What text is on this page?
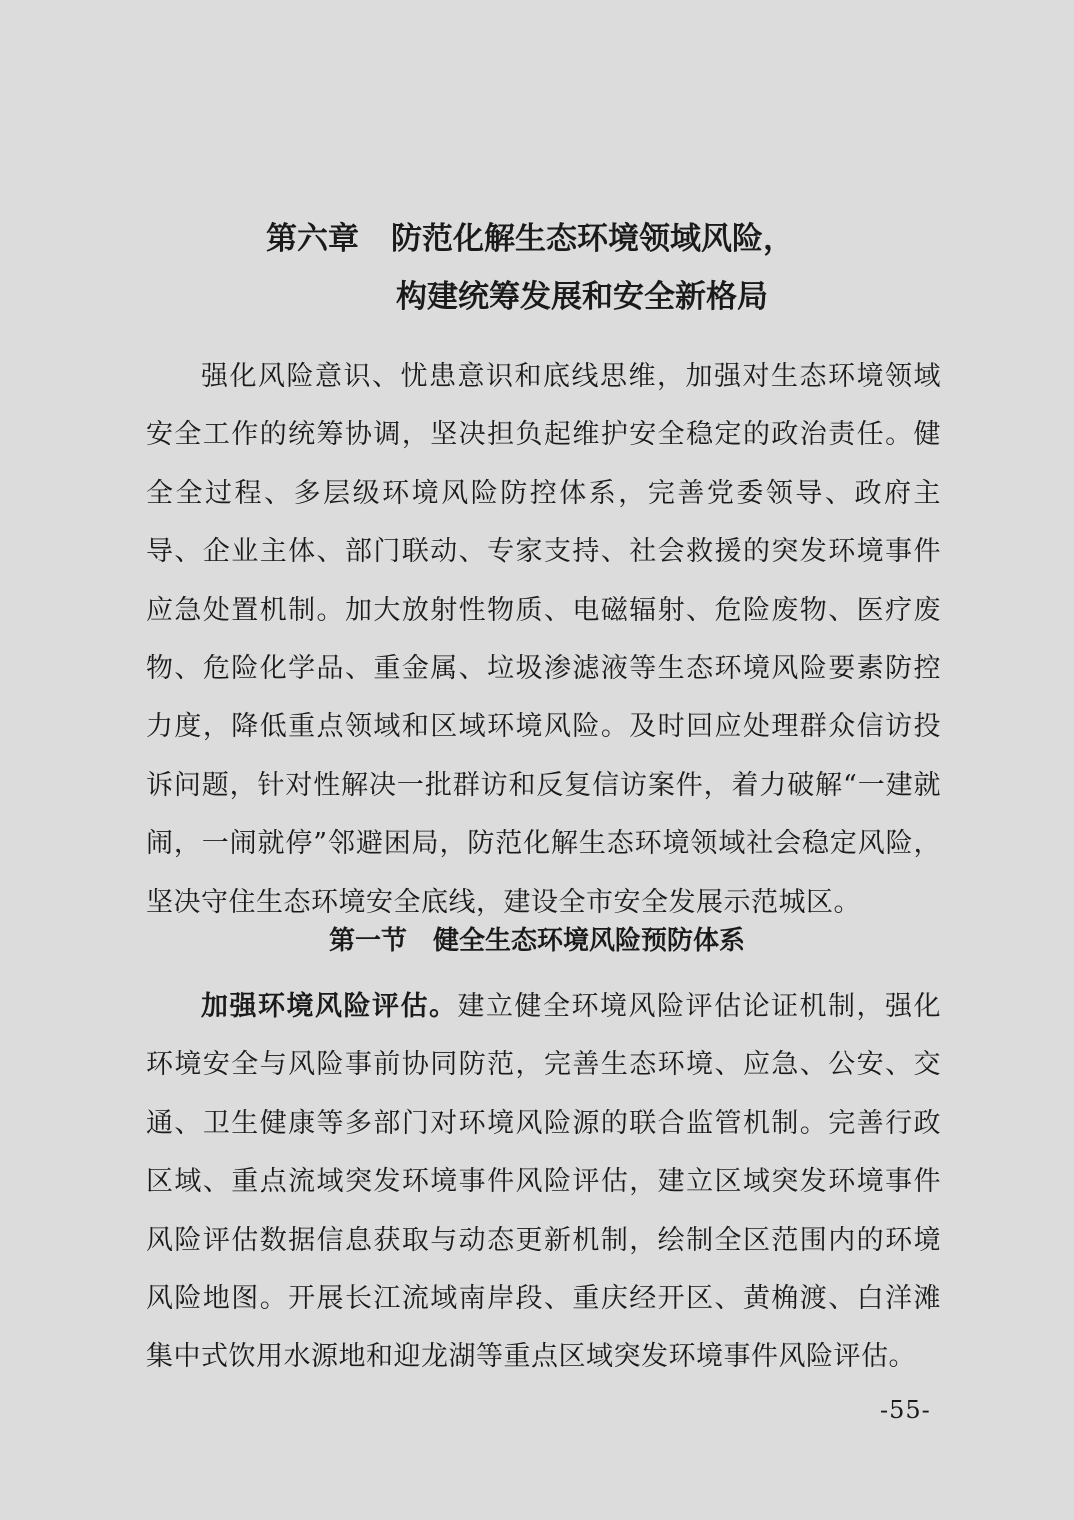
第六章 防范化解生态环境领域风险，
构建统筹发展和安全新格局

强化风险意识、忧患意识和底线思维，加强对生态环境领域安全工作的统筹协调，坚决担负起维护安全稳定的政治责任。健全全过程、多层级环境风险防控体系，完善党委领导、政府主导、企业主体、部门联动、专家支持、社会救援的突发环境事件应急处置机制。加大放射性物质、电磁辐射、危险废物、医疗废物、危险化学品、重金属、垃圾渗滤液等生态环境风险要素防控力度，降低重点领域和区域环境风险。及时回应处理群众信访投诉问题，针对性解决一批群访和反复信访案件，着力破解“一建就闹，一闹就停”邻避困局，防范化解生态环境领域社会稳定风险，坚决守住生态环境安全底线，建设全市安全发展示范城区。

第一节 健全生态环境风险预防体系

加强环境风险评估。建立健全环境风险评估论证机制，强化环境安全与风险事前协同防范，完善生态环境、应急、公安、交通、卫生健康等多部门对环境风险源的联合监管机制。完善行政区域、重点流域突发环境事件风险评估，建立区域突发环境事件风险评估数据信息获取与动态更新机制，绘制全区范围内的环境风险地图。开展长江流域南岸段、重庆经开区、黄桷渡、白洋滩集中式饮用水源地和迎龙湖等重点区域突发环境事件风险评估。

-55-
